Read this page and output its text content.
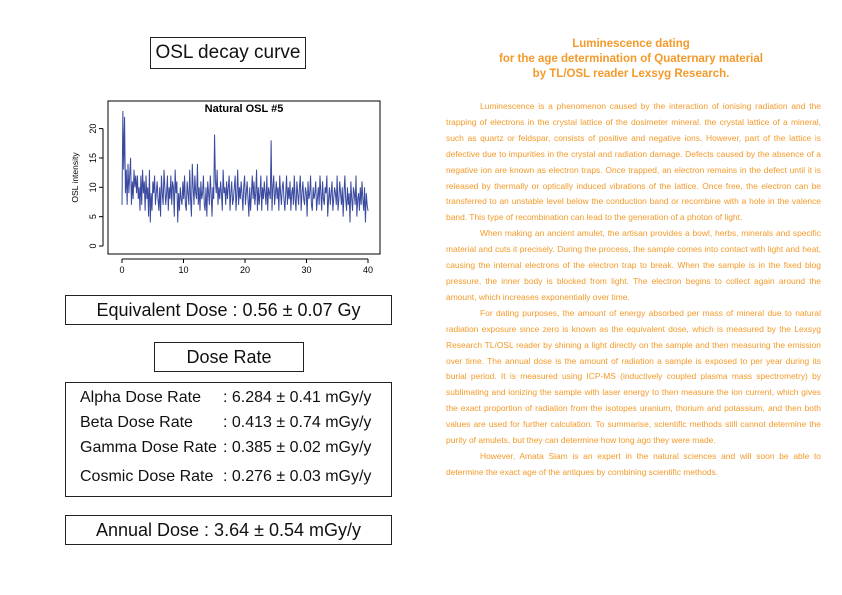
OSL decay curve
Natural OSL #5
0	10	20	30	40
0
5
10
15
20
OSL intensity
Equivalent Dose : 0.56 ± 0.07 Gy
Dose Rate
Alpha Dose Rate : 6.284 ± 0.41 mGy/y
Beta Dose Rate : 0.413 ± 0.74 mGy/y
Gamma Dose Rate : 0.385 ± 0.02 mGy/y
Cosmic Dose Rate : 0.276 ± 0.03 mGy/y
Annual Dose : 3.64 ± 0.54 mGy/y
Luminescence dating
for the age determination of Quaternary material
by TL/OSL reader Lexsyg Research.

Luminescence is a phenomenon caused by the interaction of ionising radiation and the trapping of electrons in the crystal lattice of the dosimeter mineral. the crystal lattice of a mineral, such as quartz or feldspar, consists of positive and negative ions. However, part of the lattice is defective due to impurities in the crystal and radiation damage. Defects caused by the absence of a negative ion are known as electron traps. Once trapped, an electron remains in the defect until it is released by thermally or optically induced vibrations of the lattice. Once free, the electron can be transferred to an unstable level below the conduction band or recombine with a hole in the valence band. This type of recombination can lead to the generation of a photon of light.

When making an ancient amulet, the artisan provides a bowl, herbs, minerals and specific material and cuts it precisely. During the process, the sample comes into contact with light and heat, causing the internal electrons of the electron trap to break. When the sample is in the fixed blog pressure, the inner body is blocked from light. The electron begins to collect again around the amount, which increases exponentially over time.

For dating purposes, the amount of energy absorbed per mass of mineral due to natural radiation exposure since zero is known as the equivalent dose, which is measured by the Lexsyg Research TL/OSL reader by shining a light directly on the sample and then measuring the emission over time. The annual dose is the amount of radiation a sample is exposed to per year during its burial period. It is measured using ICP-MS (inductively coupled plasma mass spectrometry) by sublimating and ionizing the sample with laser energy to then measure the ion current, which gives the exact proportion of radiation from the isotopes uranium, thorium and potassium, and then both values are used for further calculation. To summarise, scientific methods still cannot determine the purity of amulets, but they can determine how long ago they were made.

However, Amata Siam is an expert in the natural sciences and will soon be able to determine the exact age of the antiques by combining scientific methods.
